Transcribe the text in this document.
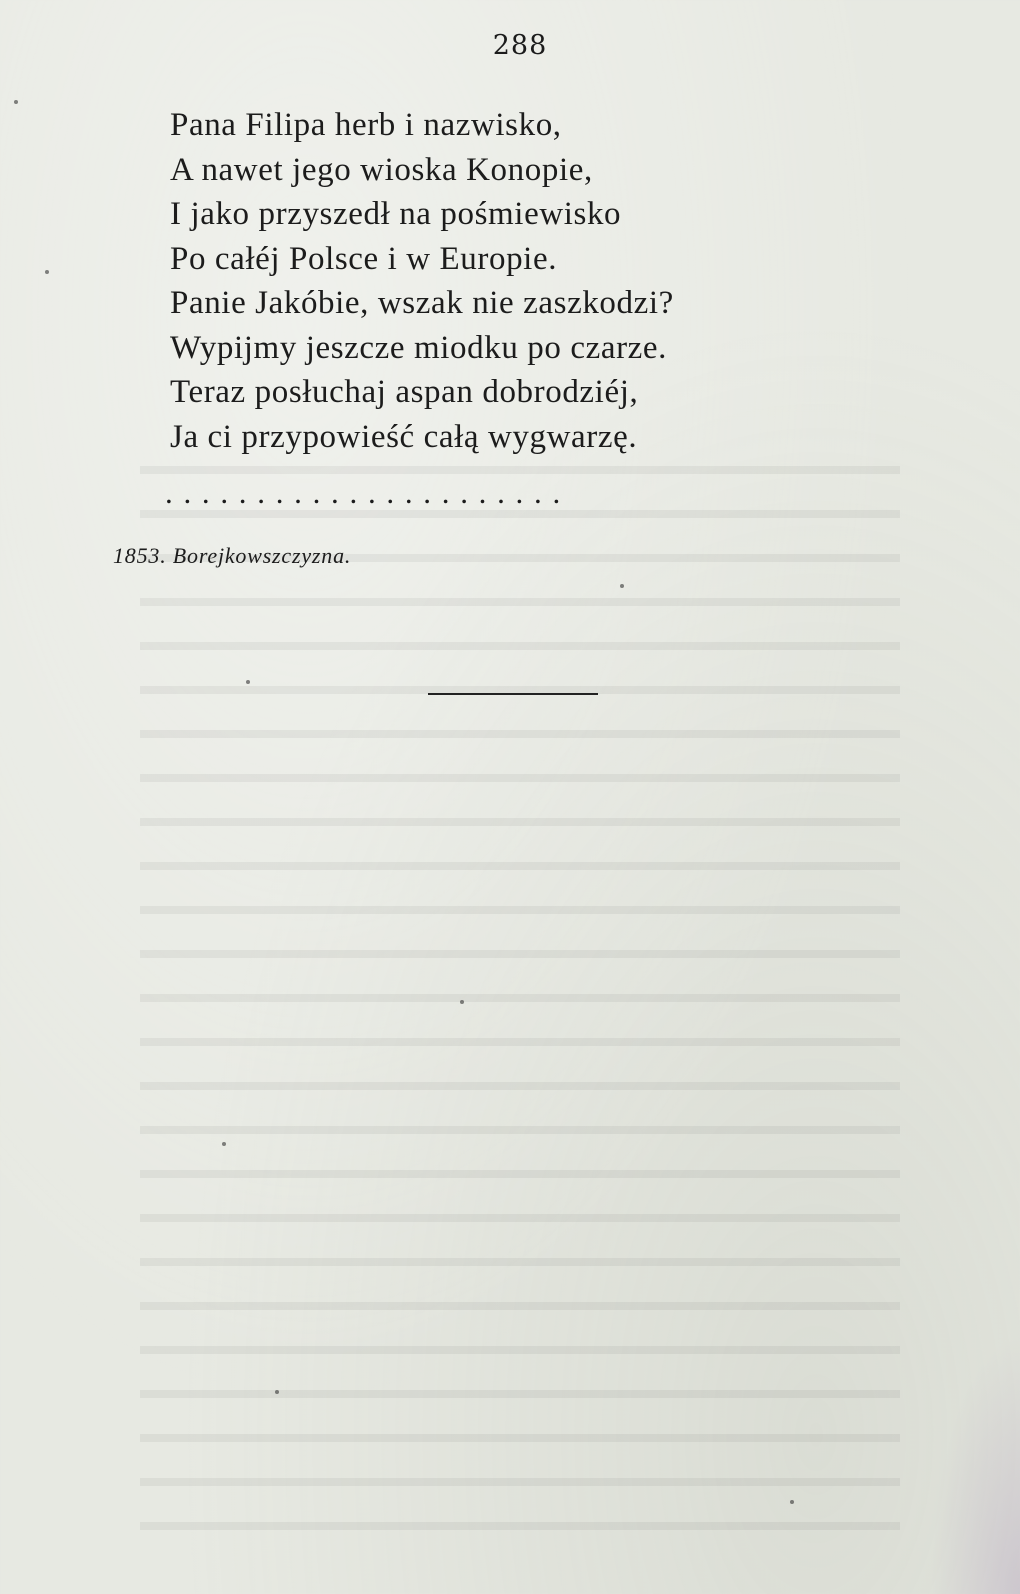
288
Pana Filipa herb i nazwisko,
A nawet jego wioska Konopie,
I jako przyszedł na pośmiewisko
Po całéj Polsce i w Europie.
Panie Jakóbie, wszak nie zaszkodzi?
Wypijmy jeszcze miodku po czarze.
Teraz posłuchaj aspan dobrodziéj,
Ja ci przypowieść całą wygwarzę.
......................
1853. Borejkowszczyzna.
